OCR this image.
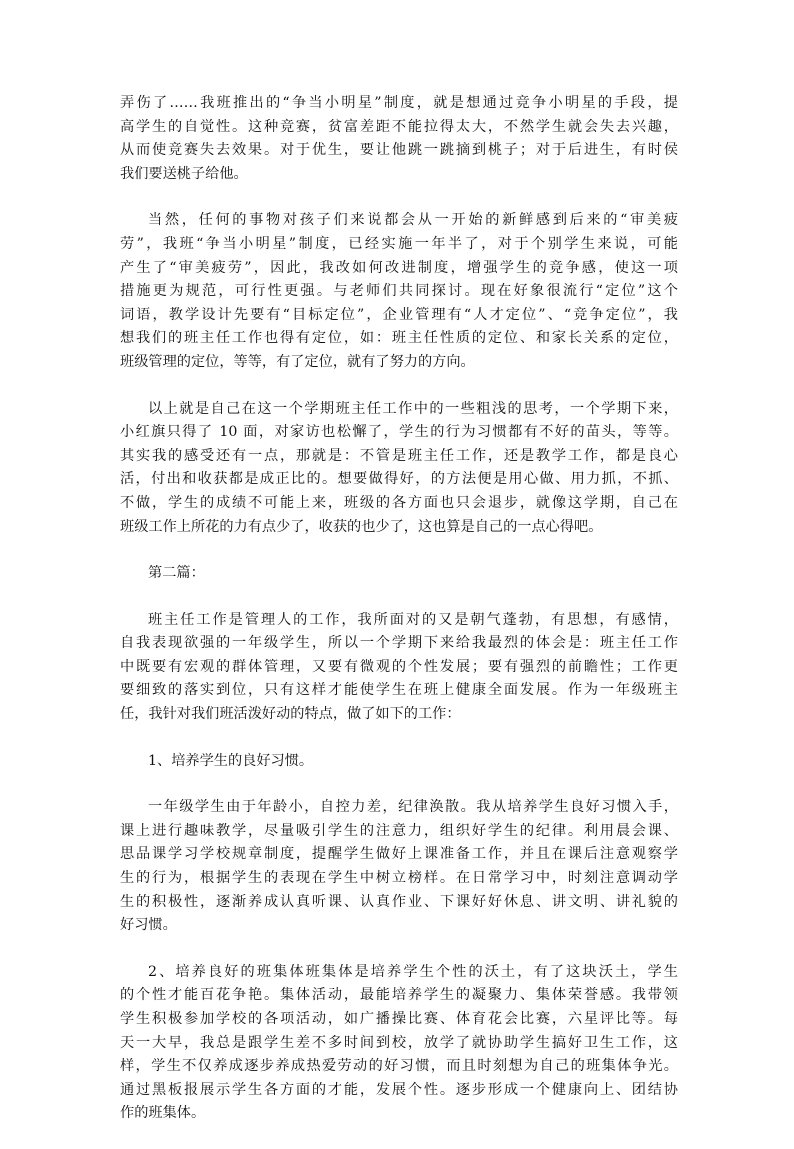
弄伤了……我班推出的“争当小明星”制度，就是想通过竞争小明星的手段，提
高学生的自觉性。这种竞赛，贫富差距不能拉得太大，不然学生就会失去兴趣，
从而使竞赛失去效果。对于优生，要让他跳一跳摘到桃子；对于后进生，有时侯
我们要送桃子给他。

当然，任何的事物对孩子们来说都会从一开始的新鲜感到后来的“审美疲
劳”，我班“争当小明星”制度，已经实施一年半了，对于个别学生来说，可能
产生了“审美疲劳”，因此，我改如何改进制度，增强学生的竞争感，使这一项
措施更为规范，可行性更强。与老师们共同探讨。现在好象很流行“定位”这个
词语，教学设计先要有“目标定位”，企业管理有“人才定位”、“竞争定位”，我
想我们的班主任工作也得有定位，如：班主任性质的定位、和家长关系的定位，
班级管理的定位，等等，有了定位，就有了努力的方向。

以上就是自己在这一个学期班主任工作中的一些粗浅的思考，一个学期下来，
小红旗只得了 10 面，对家访也松懈了，学生的行为习惯都有不好的苗头，等等。
其实我的感受还有一点，那就是：不管是班主任工作，还是教学工作，都是良心
活，付出和收获都是成正比的。想要做得好，的方法便是用心做、用力抓，不抓、
不做，学生的成绩不可能上来，班级的各方面也只会退步，就像这学期，自己在
班级工作上所花的力有点少了，收获的也少了，这也算是自己的一点心得吧。

第二篇：

班主任工作是管理人的工作，我所面对的又是朝气蓬勃，有思想，有感情，
自我表现欲强的一年级学生，所以一个学期下来给我最烈的体会是：班主任工作
中既要有宏观的群体管理，又要有微观的个性发展；要有强烈的前瞻性；工作更
要细致的落实到位，只有这样才能使学生在班上健康全面发展。作为一年级班主
任，我针对我们班活泼好动的特点，做了如下的工作：

1、培养学生的良好习惯。

一年级学生由于年龄小，自控力差，纪律涣散。我从培养学生良好习惯入手，
课上进行趣味教学，尽量吸引学生的注意力，组织好学生的纪律。利用晨会课、
思品课学习学校规章制度，提醒学生做好上课准备工作，并且在课后注意观察学
生的行为，根据学生的表现在学生中树立榜样。在日常学习中，时刻注意调动学
生的积极性，逐渐养成认真听课、认真作业、下课好好休息、讲文明、讲礼貌的
好习惯。

2、培养良好的班集体班集体是培养学生个性的沃土，有了这块沃土，学生
的个性才能百花争艳。集体活动，最能培养学生的凝聚力、集体荣誉感。我带领
学生积极参加学校的各项活动，如广播操比赛、体育花会比赛，六星评比等。每
天一大早，我总是跟学生差不多时间到校，放学了就协助学生搞好卫生工作，这
样，学生不仅养成逐步养成热爱劳动的好习惯，而且时刻想为自己的班集体争光。
通过黑板报展示学生各方面的才能，发展个性。逐步形成一个健康向上、团结协
作的班集体。
